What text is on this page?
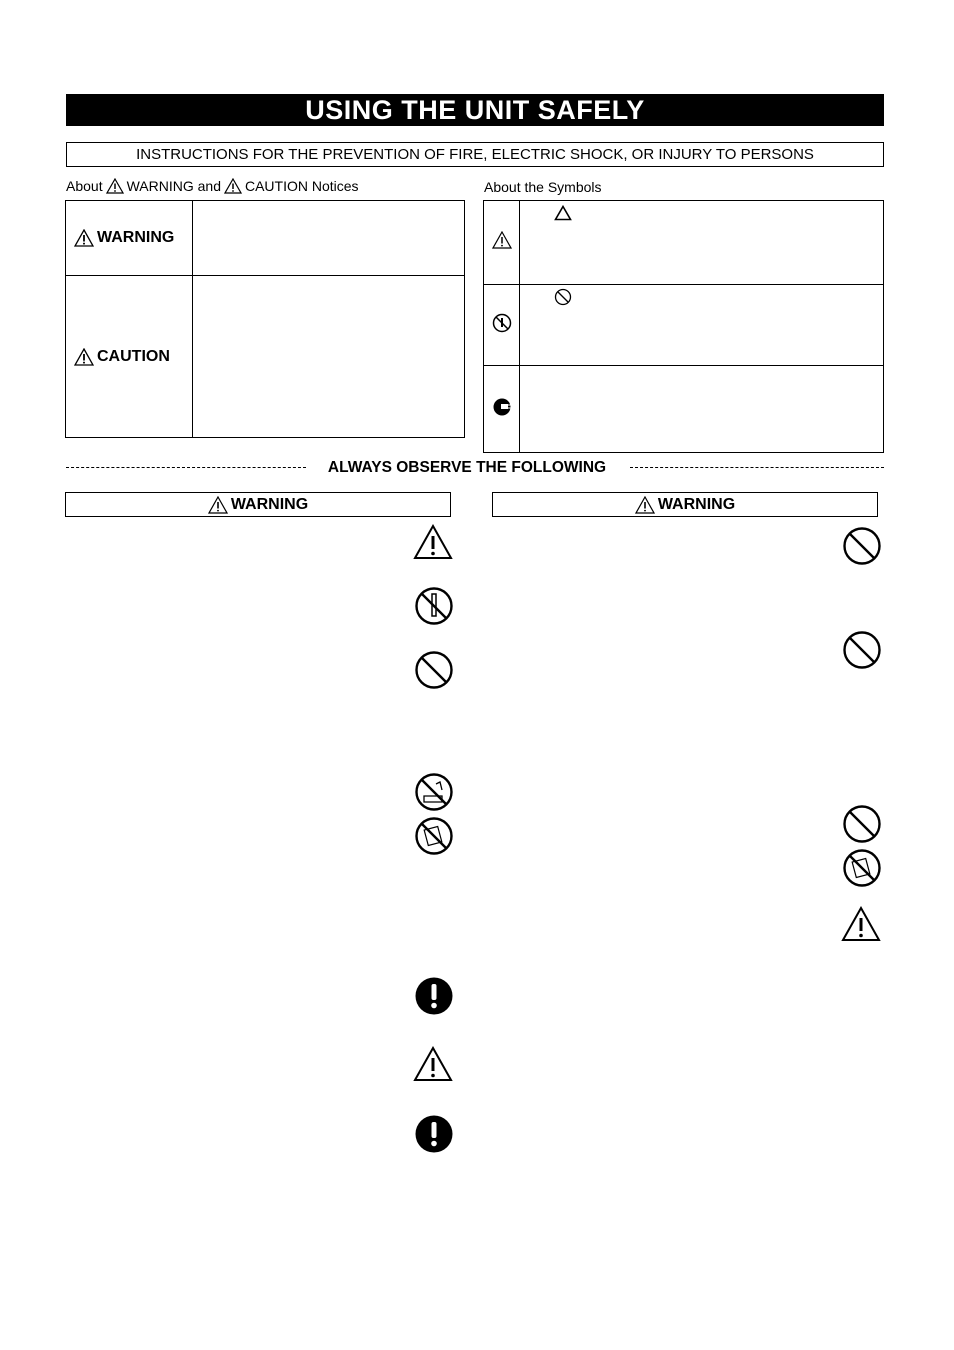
USING THE UNIT SAFELY
INSTRUCTIONS FOR THE PREVENTION OF FIRE, ELECTRIC SHOCK, OR INJURY TO PERSONS
About WARNING and CAUTION Notices	About the Symbols
WARNING	

CAUTION	

ALWAYS OBSERVE THE FOLLOWING
WARNING	WARNING
